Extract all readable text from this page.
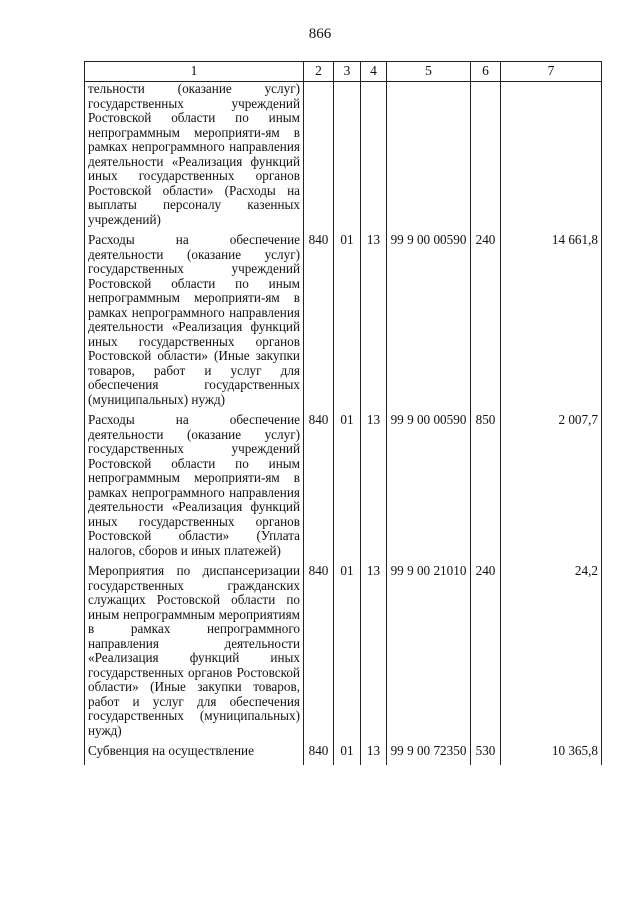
866
1	2	3	4	5	6	7
тельности (оказание услуг) государственных учреждений Ростовской области по иным непрограммным мероприяти-ям в рамках непрограммного направления деятельности «Реализация функций иных государственных органов Ростовской области» (Расходы на выплаты персоналу казенных учреждений)						
Расходы на обеспечение деятельности (оказание услуг) государственных учреждений Ростовской области по иным непрограммным мероприяти-ям в рамках непрограммного направления деятельности «Реализация функций иных государственных органов Ростовской области» (Иные закупки товаров, работ и услуг для обеспечения государственных (муниципальных) нужд)	840	01	13	99 9 00 00590	240	14 661,8
Расходы на обеспечение деятельности (оказание услуг) государственных учреждений Ростовской области по иным непрограммным мероприяти-ям в рамках непрограммного направления деятельности «Реализация функций иных государственных органов Ростовской области» (Уплата налогов, сборов и иных платежей)	840	01	13	99 9 00 00590	850	2 007,7
Мероприятия по диспансеризации государственных гражданских служащих Ростовской области по иным непрограммным мероприятиям в рамках непрограммного направления деятельности «Реализация функций иных государственных органов Ростовской области» (Иные закупки товаров, работ и услуг для обеспечения государственных (муниципальных) нужд)	840	01	13	99 9 00 21010	240	24,2
Субвенция на осуществление	840	01	13	99 9 00 72350	530	10 365,8
